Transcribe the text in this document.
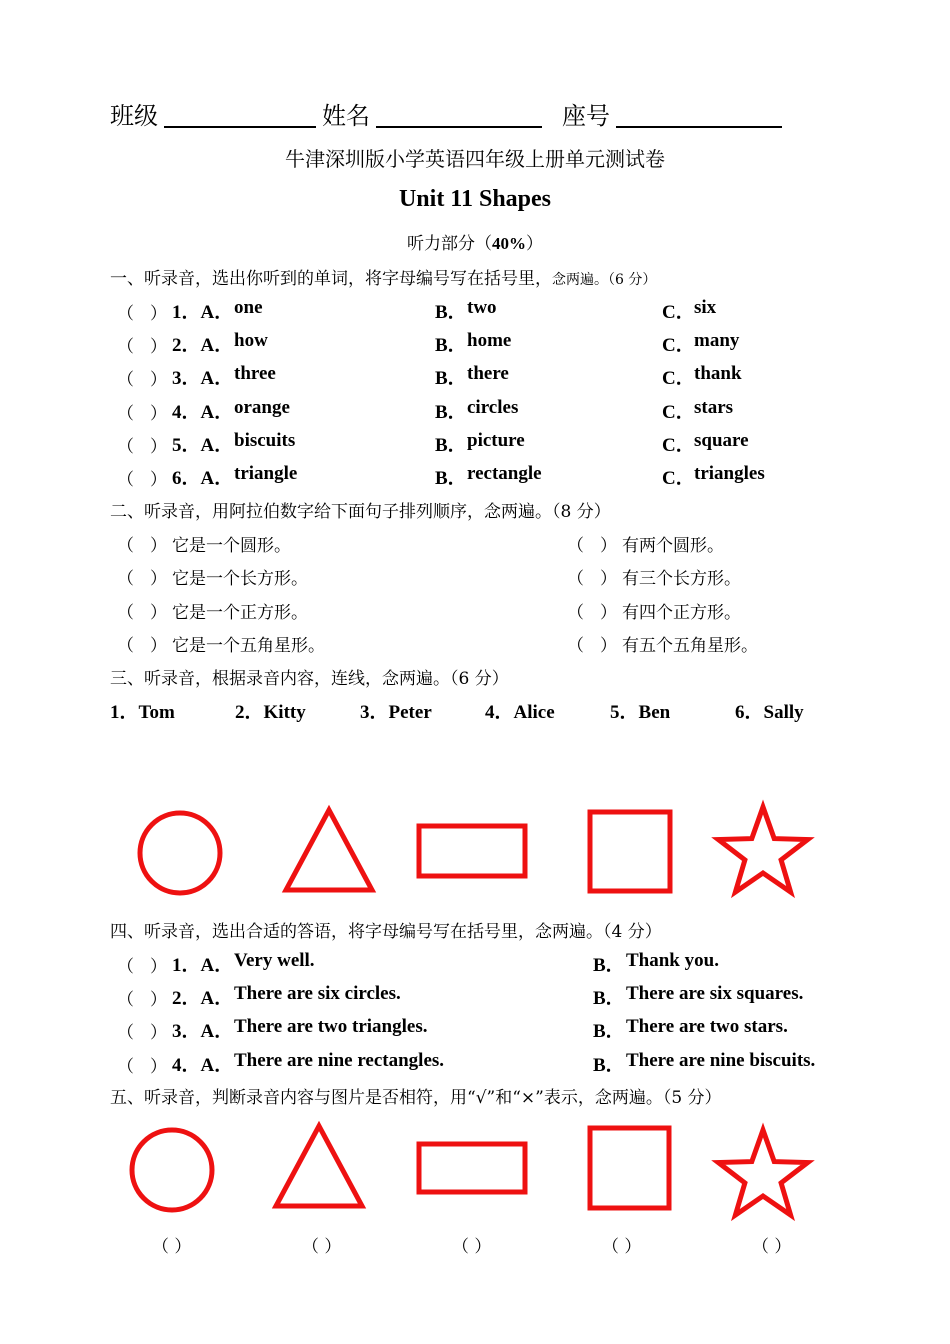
班级	姓名	座号
牛津深圳版小学英语四年级上册单元测试卷
Unit 11 Shapes
听力部分（40%）
一、听录音，选出你听到的单词，将字母编号写在括号里，念两遍。（6 分）
（ ） 1．A． one	B． two	C． six
（ ） 2．A． how	B． home	C． many
（ ） 3．A． three	B． there	C． thank
（ ） 4．A． orange	B． circles	C． stars
（ ） 5．A． biscuits	B． picture	C． square
（ ） 6．A． triangle	B． rectangle	C． triangles
二、听录音，用阿拉伯数字给下面句子排列顺序，念两遍。（8 分）
（ ） 它是一个圆形。	（ ） 有两个圆形。
（ ） 它是一个长方形。	（ ） 有三个长方形。
（ ） 它是一个正方形。	（ ） 有四个正方形。
（ ） 它是一个五角星形。	（ ） 有五个五角星形。
三、听录音，根据录音内容，连线，念两遍。（6 分）
1．Tom	2．Kitty	3．Peter	4．Alice	5．Ben	6．Sally
四、听录音，选出合适的答语，将字母编号写在括号里，念两遍。（4 分）
（ ） 1．A． Very well.	B． Thank you.
（ ） 2．A． There are six circles.	B． There are six squares.
（ ） 3．A． There are two triangles.	B． There are two stars.
（ ） 4．A． There are nine rectangles.	B． There are nine biscuits.
五、听录音，判断录音内容与图片是否相符，用“√”和“×”表示，念两遍。（5 分）
（ ）	（ ）	（ ）	（ ）	（ ）
